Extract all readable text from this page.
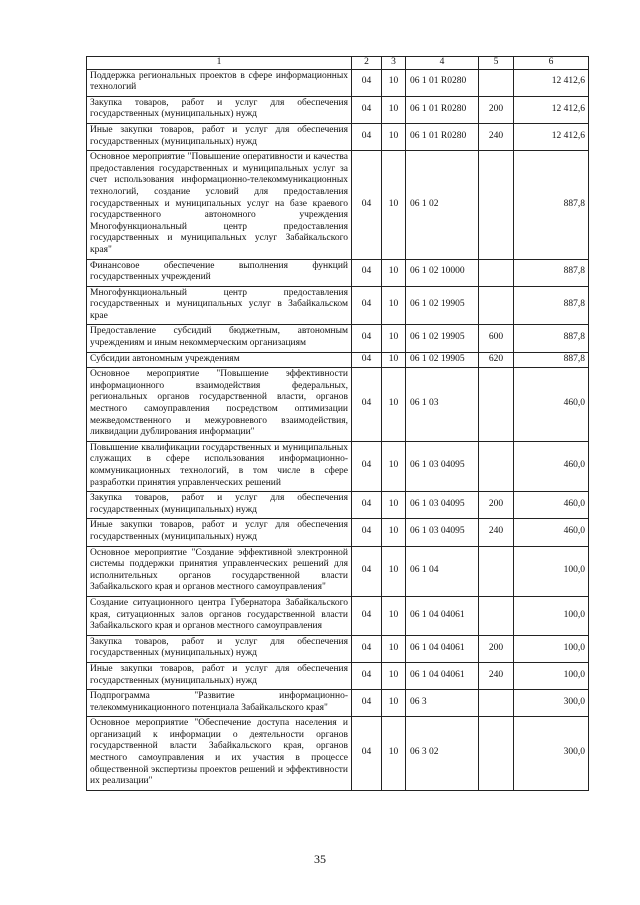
1	2	3	4	5	6
Поддержка региональных проектов в сфере информационных технологий	04	10	06 1 01 R0280		12 412,6
Закупка товаров, работ и услуг для обеспечения государственных (муниципальных) нужд	04	10	06 1 01 R0280	200	12 412,6
Иные закупки товаров, работ и услуг для обеспечения государственных (муниципальных) нужд	04	10	06 1 01 R0280	240	12 412,6
Основное мероприятие "Повышение оперативности и качества предоставления государственных и муниципальных услуг за счет использования информационно-телекоммуникационных технологий, создание условий для предоставления государственных и муниципальных услуг на базе краевого государственного автономного учреждения Многофункциональный центр предоставления государственных и муниципальных услуг Забайкальского края"	04	10	06 1 02		887,8
Финансовое обеспечение выполнения функций государственных учреждений	04	10	06 1 02 10000		887,8
Многофункциональный центр предоставления государственных и муниципальных услуг в Забайкальском крае	04	10	06 1 02 19905		887,8
Предоставление субсидий бюджетным, автономным учреждениям и иным некоммерческим организациям	04	10	06 1 02 19905	600	887,8
Субсидии автономным учреждениям	04	10	06 1 02 19905	620	887,8
Основное мероприятие "Повышение эффективности информационного взаимодействия федеральных, региональных органов государственной власти, органов местного самоуправления посредством оптимизации межведомственного и межуровневого взаимодействия, ликвидации дублирования информации"	04	10	06 1 03		460,0
Повышение квалификации государственных и муниципальных служащих в сфере использования информационно-коммуникационных технологий, в том числе в сфере разработки принятия управленческих решений	04	10	06 1 03 04095		460,0
Закупка товаров, работ и услуг для обеспечения государственных (муниципальных) нужд	04	10	06 1 03 04095	200	460,0
Иные закупки товаров, работ и услуг для обеспечения государственных (муниципальных) нужд	04	10	06 1 03 04095	240	460,0
Основное мероприятие "Создание эффективной электронной системы поддержки принятия управленческих решений для исполнительных органов государственной власти Забайкальского края и органов местного самоуправления"	04	10	06 1 04		100,0
Создание ситуационного центра Губернатора Забайкальского края, ситуационных залов органов государственной власти Забайкальского края и органов местного самоуправления	04	10	06 1 04 04061		100,0
Закупка товаров, работ и услуг для обеспечения государственных (муниципальных) нужд	04	10	06 1 04 04061	200	100,0
Иные закупки товаров, работ и услуг для обеспечения государственных (муниципальных) нужд	04	10	06 1 04 04061	240	100,0
Подпрограмма "Развитие информационно-телекоммуникационного потенциала Забайкальского края"	04	10	06 3		300,0
Основное мероприятие "Обеспечение доступа населения и организаций к информации о деятельности органов государственной власти Забайкальского края, органов местного самоуправления и их участия в процессе общественной экспертизы проектов решений и эффективности их реализации"	04	10	06 3 02		300,0
35
